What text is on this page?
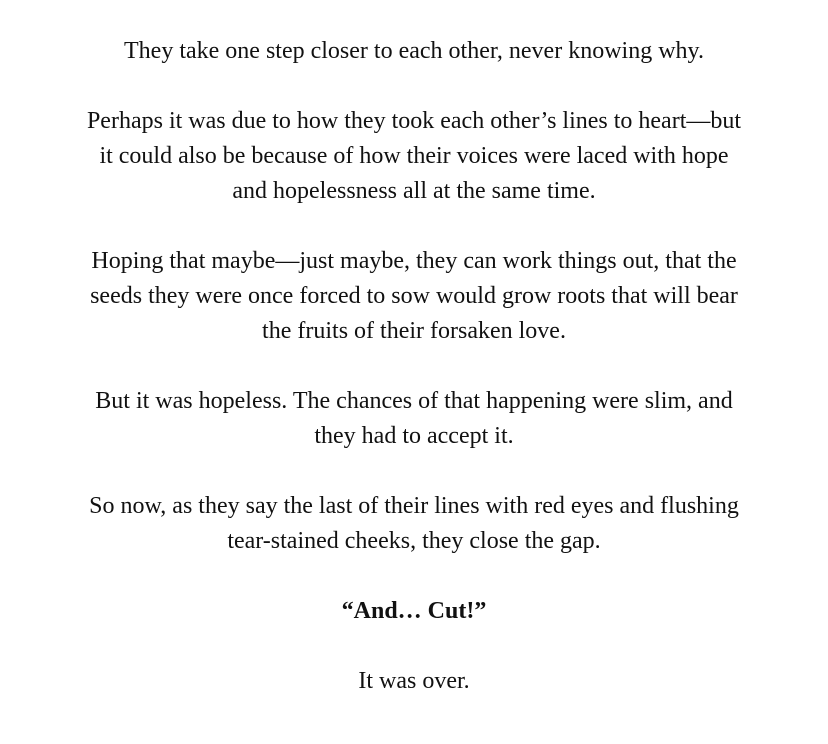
They take one step closer to each other, never knowing why.

Perhaps it was due to how they took each other’s lines to heart—but
it could also be because of how their voices were laced with hope
and hopelessness all at the same time.

Hoping that maybe—just maybe, they can work things out, that the
seeds they were once forced to sow would grow roots that will bear
the fruits of their forsaken love.

But it was hopeless. The chances of that happening were slim, and
they had to accept it.

So now, as they say the last of their lines with red eyes and flushing
tear-stained cheeks, they close the gap.

“And… Cut!”

It was over.
